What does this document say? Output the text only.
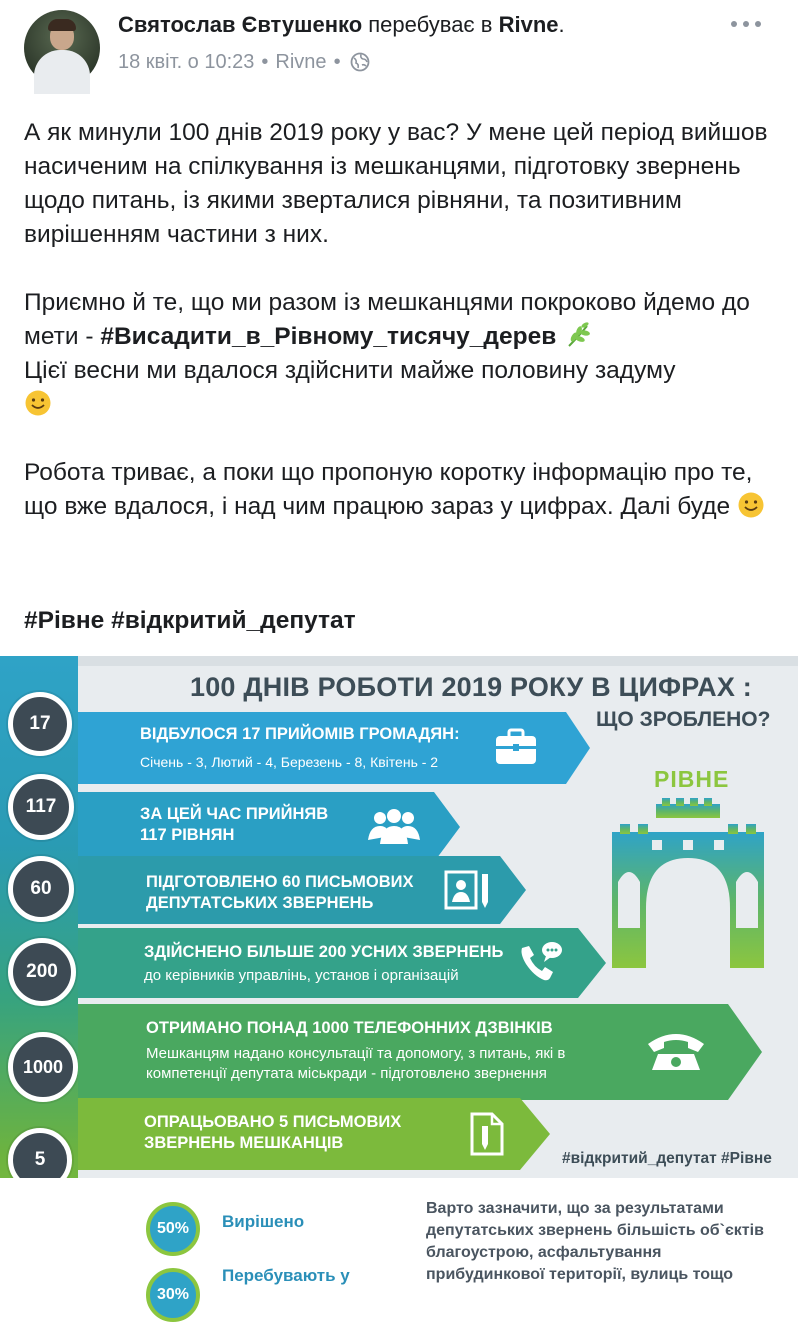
Святослав Євтушенко перебуває в Rivne.
18 квіт. о 10:23 • Rivne •

А як минули 100 днів 2019 року у вас? У мене цей період вийшов насиченим на спілкування із мешканцями, підготовку звернень щодо питань, із якими зверталися рівняни, та позитивним вирішенням частини з них.

Приємно й те, що ми разом із мешканцями покроково йдемо до мети - #Висадити_в_Рівному_тисячу_дерев
Цієї весни ми вдалося здійснити майже половину задуму

Робота триває, а поки що пропоную коротку інформацію про те, що вже вдалося, і над чим працюю зараз у цифрах. Далі буде

#Рівне #відкритий_депутат
100 ДНІВ РОБОТИ 2019 РОКУ В ЦИФРАХ :
ЩО ЗРОБЛЕНО?
РІВНЕ
17
117
60
200
1000
5
ВІДБУЛОСЯ 17 ПРИЙОМІВ ГРОМАДЯН:
Січень - 3, Лютий - 4, Березень - 8, Квітень - 2
ЗА ЦЕЙ ЧАС ПРИЙНЯВ
117 РІВНЯН
ПІДГОТОВЛЕНО 60 ПИСЬМОВИХ
ДЕПУТАТСЬКИХ ЗВЕРНЕНЬ
ЗДІЙСНЕНО БІЛЬШЕ 200 УСНИХ ЗВЕРНЕНЬ
до керівників управлінь, установ і організацій
ОТРИМАНО ПОНАД 1000 ТЕЛЕФОННИХ ДЗВІНКІВ
Мешканцям надано консультації та допомогу, з питань, які в
компетенції депутата міськради - підготовлено звернення
ОПРАЦЬОВАНО 5 ПИСЬМОВИХ
ЗВЕРНЕНЬ МЕШКАНЦІВ
#відкритий_депутат #Рівне
50%	Вирішено
30%
Перебувають у
Варто зазначити, що за результатами депутатських звернень більшість об`єктів благоустрою, асфальтування прибудинкової території, вулиць тощо
